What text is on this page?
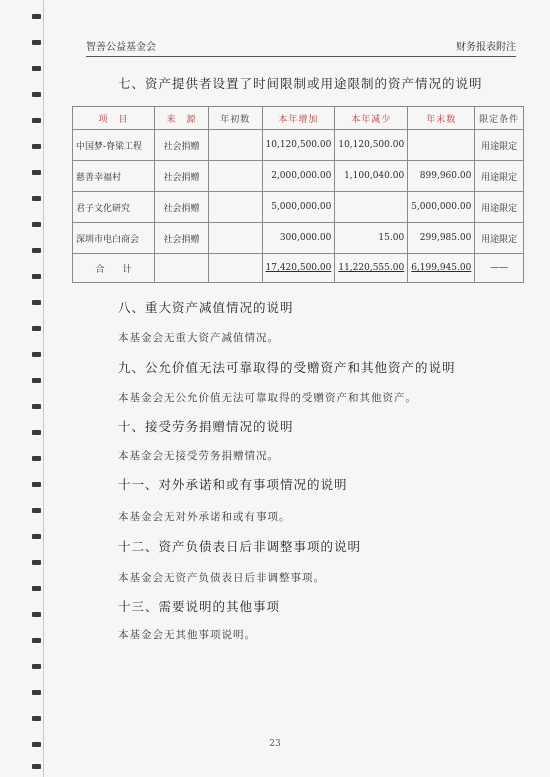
智善公益基金会	财务报表附注
七、资产提供者设置了时间限制或用途限制的资产情况的说明
项　目	来　源	年初数	本年增加	本年减少	年末数	限定条件
中国梦-脊梁工程	社会捐赠		10,120,500.00	10,120,500.00		用途限定
慈善幸福村	社会捐赠		2,000,000.00	1,100,040.00	899,960.00	用途限定
君子文化研究	社会捐赠		5,000,000.00		5,000,000.00	用途限定
深圳市电白商会	社会捐赠		300,000.00	15.00	299,985.00	用途限定
合　　计			17,420,500.00	11,220,555.00	6,199,945.00	——
八、重大资产减值情况的说明
本基金会无重大资产减值情况。
九、公允价值无法可靠取得的受赠资产和其他资产的说明
本基金会无公允价值无法可靠取得的受赠资产和其他资产。
十、接受劳务捐赠情况的说明
本基金会无接受劳务捐赠情况。
十一、对外承诺和或有事项情况的说明
本基金会无对外承诺和或有事项。
十二、资产负债表日后非调整事项的说明
本基金会无资产负债表日后非调整事项。
十三、需要说明的其他事项
本基金会无其他事项说明。
23
